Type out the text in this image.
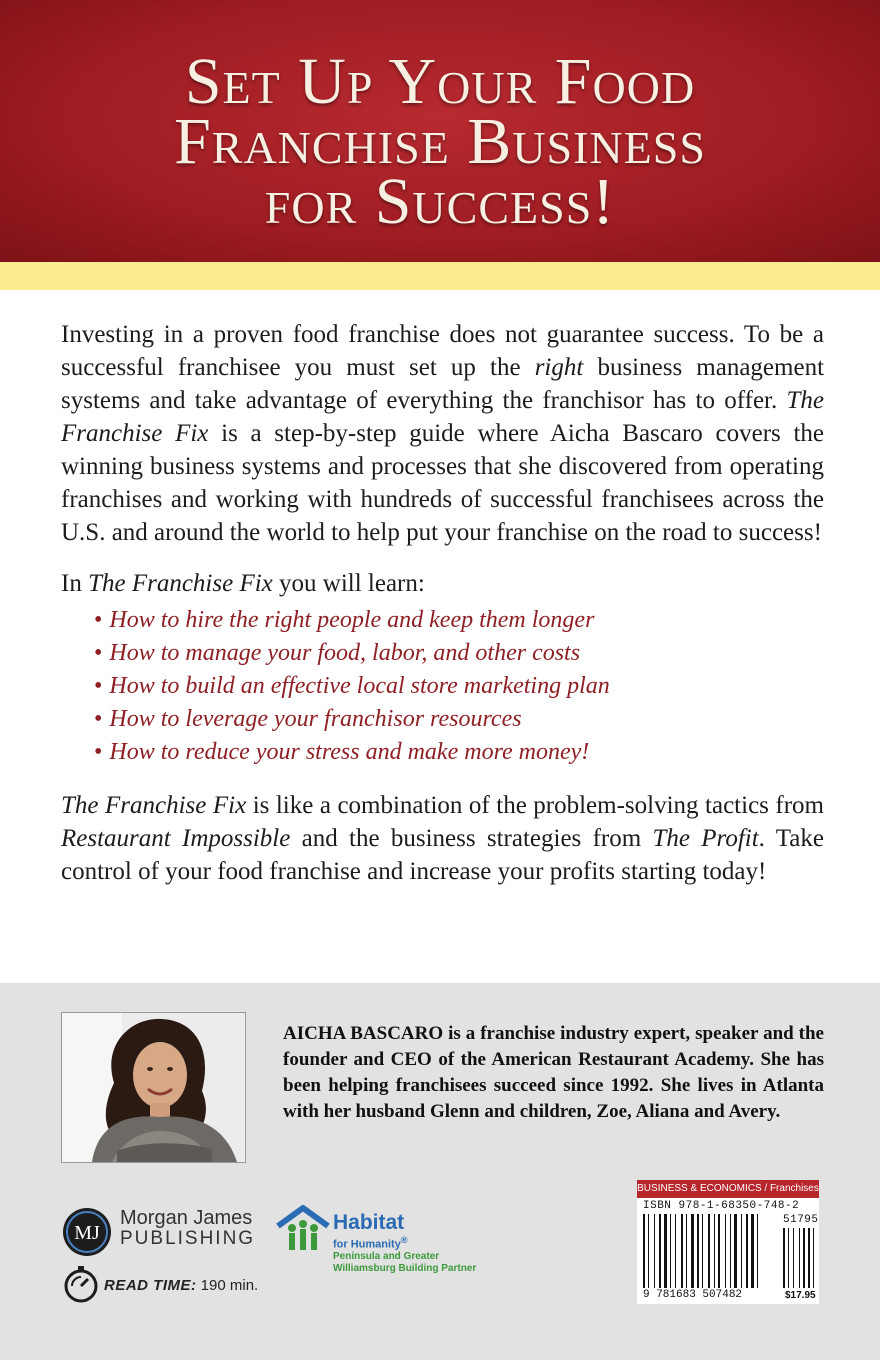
Set Up Your Food
Franchise Business
for Success!

Investing in a proven food franchise does not guarantee success. To be a successful franchisee you must set up the right business management systems and take advantage of everything the franchisor has to offer. The Franchise Fix is a step-by-step guide where Aicha Bascaro covers the winning business systems and processes that she discovered from operating franchises and working with hundreds of successful franchisees across the U.S. and around the world to help put your franchise on the road to success!

In The Franchise Fix you will learn:

• How to hire the right people and keep them longer
• How to manage your food, labor, and other costs
• How to build an effective local store marketing plan
• How to leverage your franchisor resources
• How to reduce your stress and make more money!

The Franchise Fix is like a combination of the problem-solving tactics from Restaurant Impossible and the business strategies from The Profit. Take control of your food franchise and increase your profits starting today!

AICHA BASCARO is a franchise industry expert, speaker and the founder and CEO of the American Restaurant Academy. She has been helping franchisees succeed since 1992. She lives in Atlanta with her husband Glenn and children, Zoe, Aliana and Avery.

MJ
Morgan James
PUBLISHING
Habitat
for Humanity®
Peninsula and Greater
Williamsburg Building Partner
READ TIME: 190 min.
BUSINESS & ECONOMICS / Franchises
ISBN 978-1-68350-748-2
51795
9 781683 507482	$17.95
